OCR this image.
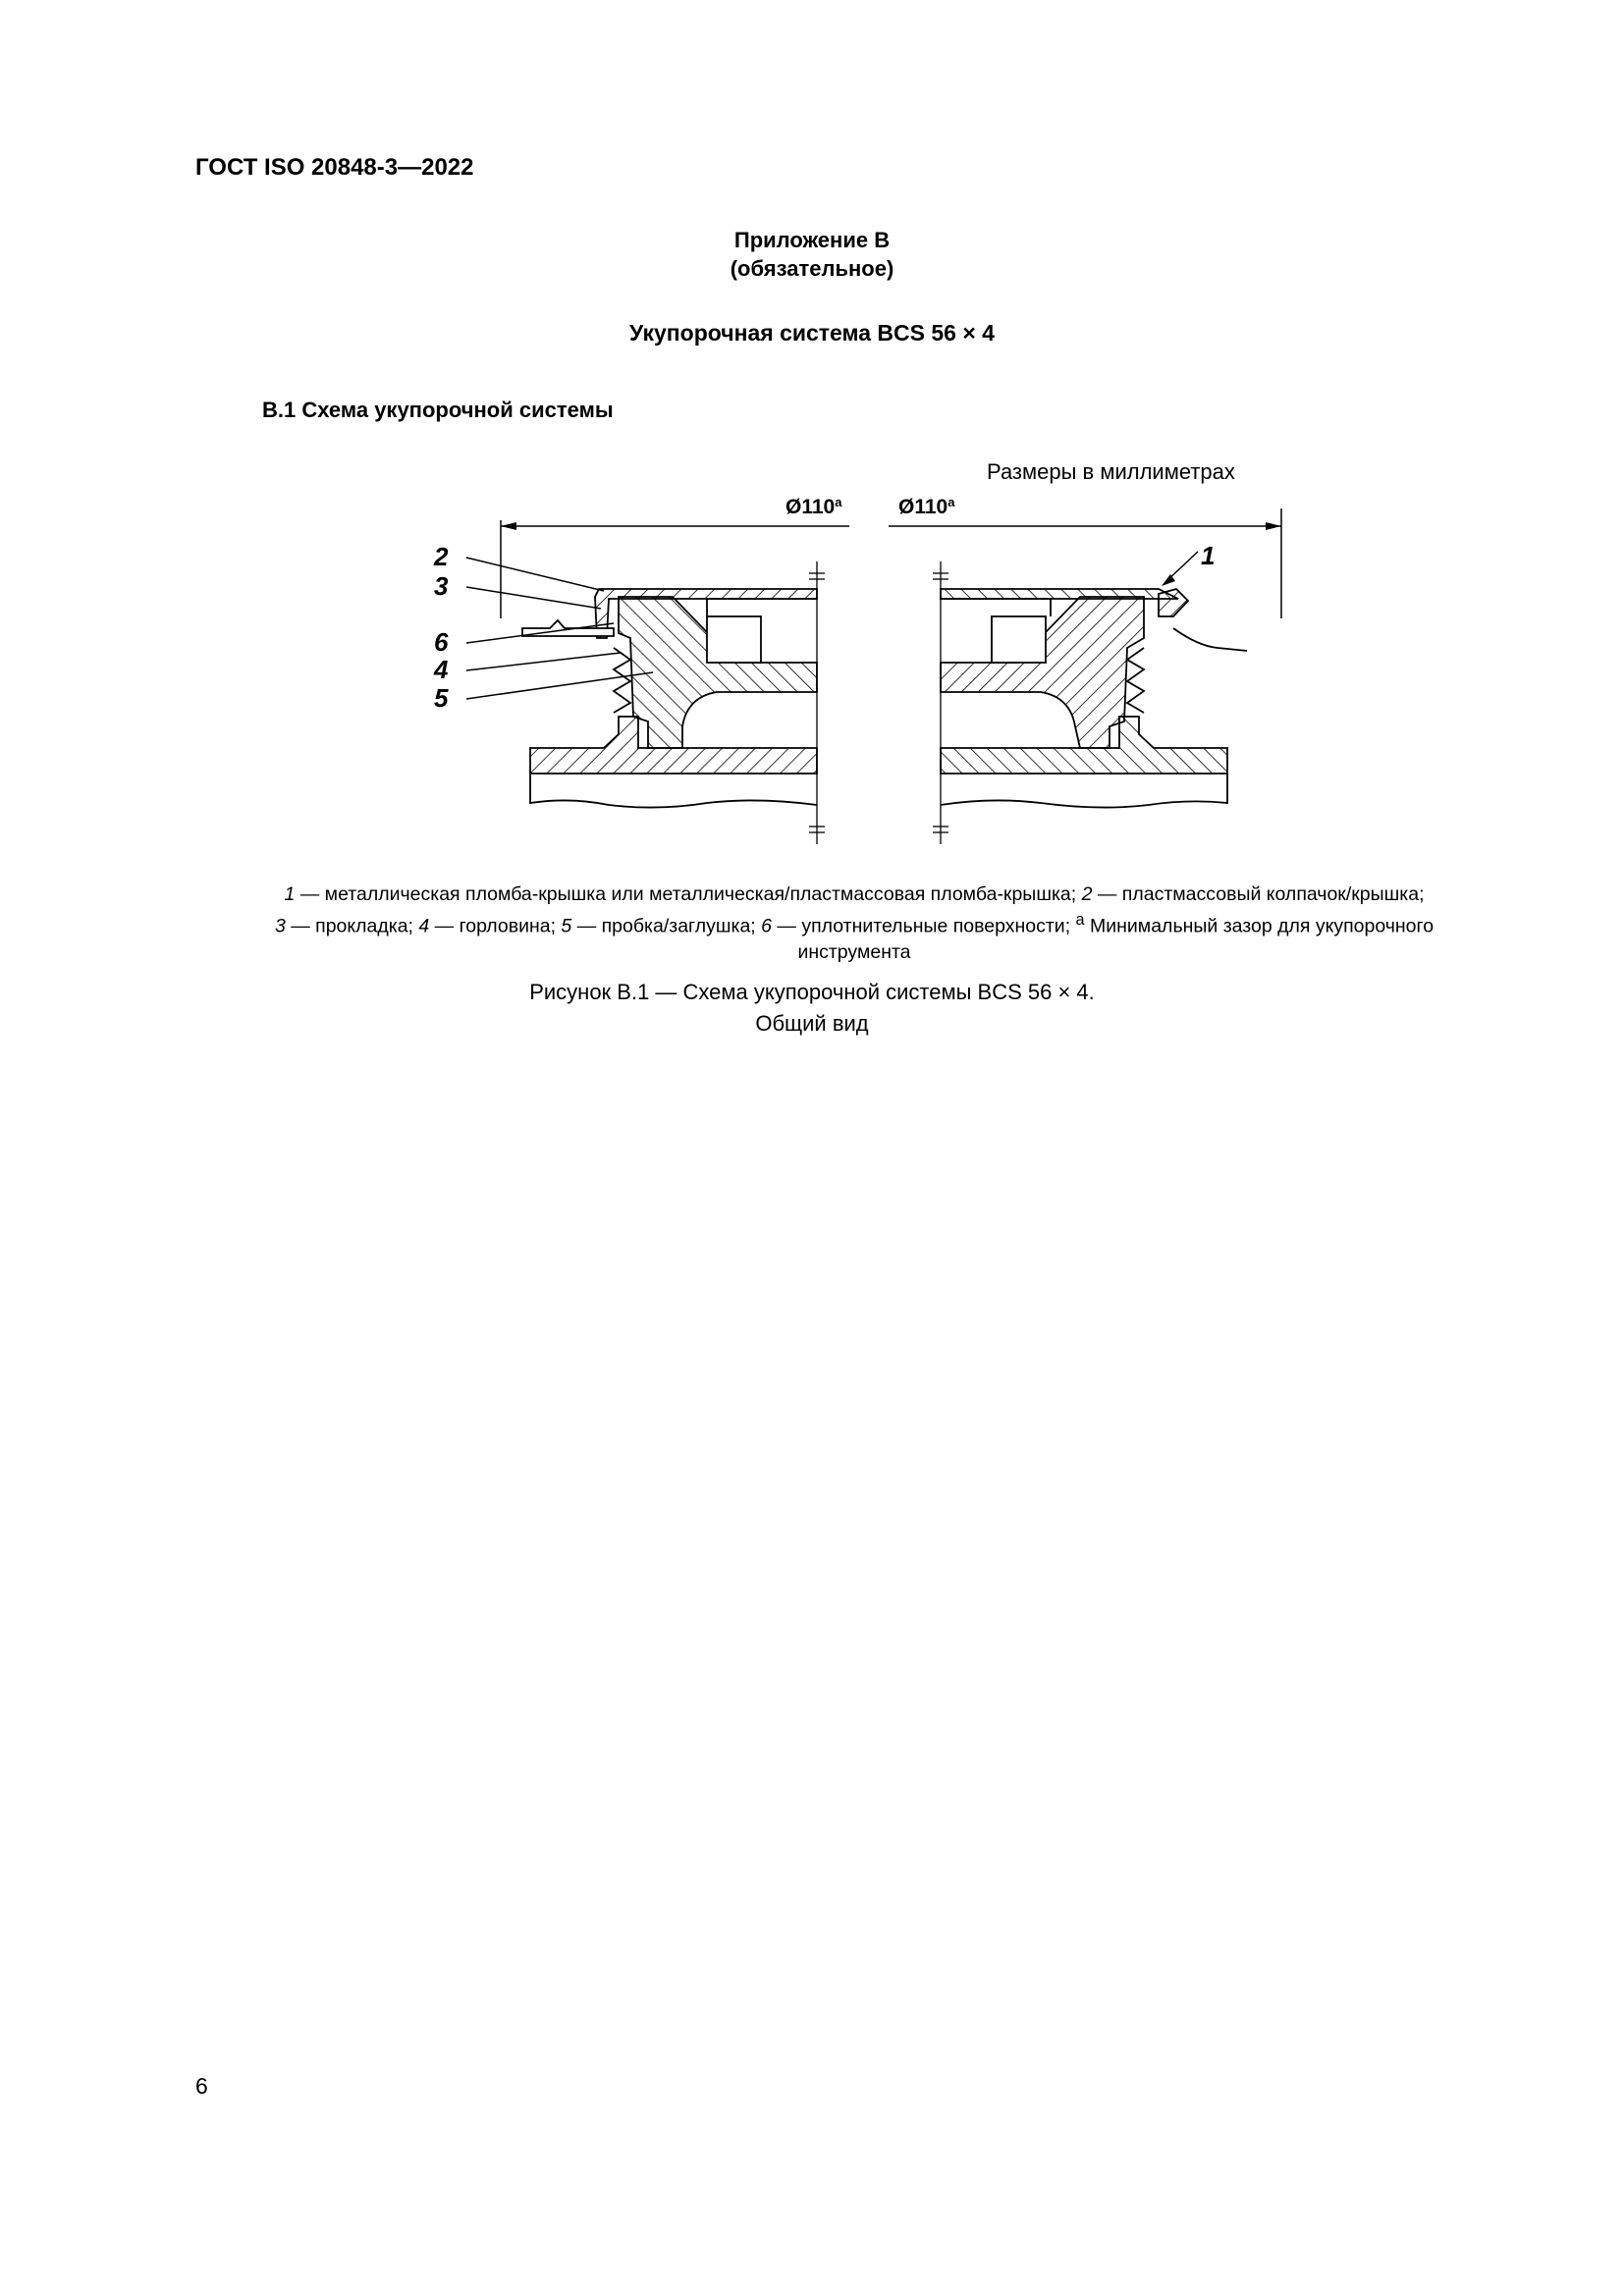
ГОСТ ISO 20848-3—2022
Приложение В
(обязательное)
Укупорочная система BCS 56 × 4
В.1 Схема укупорочной системы
Размеры в миллиметрах
Ø110$^a$	Ø110$^a$
2
3
6
4
5
1
1 — металлическая пломба-крышка или металлическая/пластмассовая пломба-крышка; 2 — пластмассовый колпачок/крышка;
3 — прокладка; 4 — горловина; 5 — пробка/заглушка; 6 — уплотнительные поверхности; $^a$ Минимальный зазор для укупорочного
инструмента
Рисунок В.1 — Схема укупорочной системы BCS 56 × 4.
Общий вид
6
